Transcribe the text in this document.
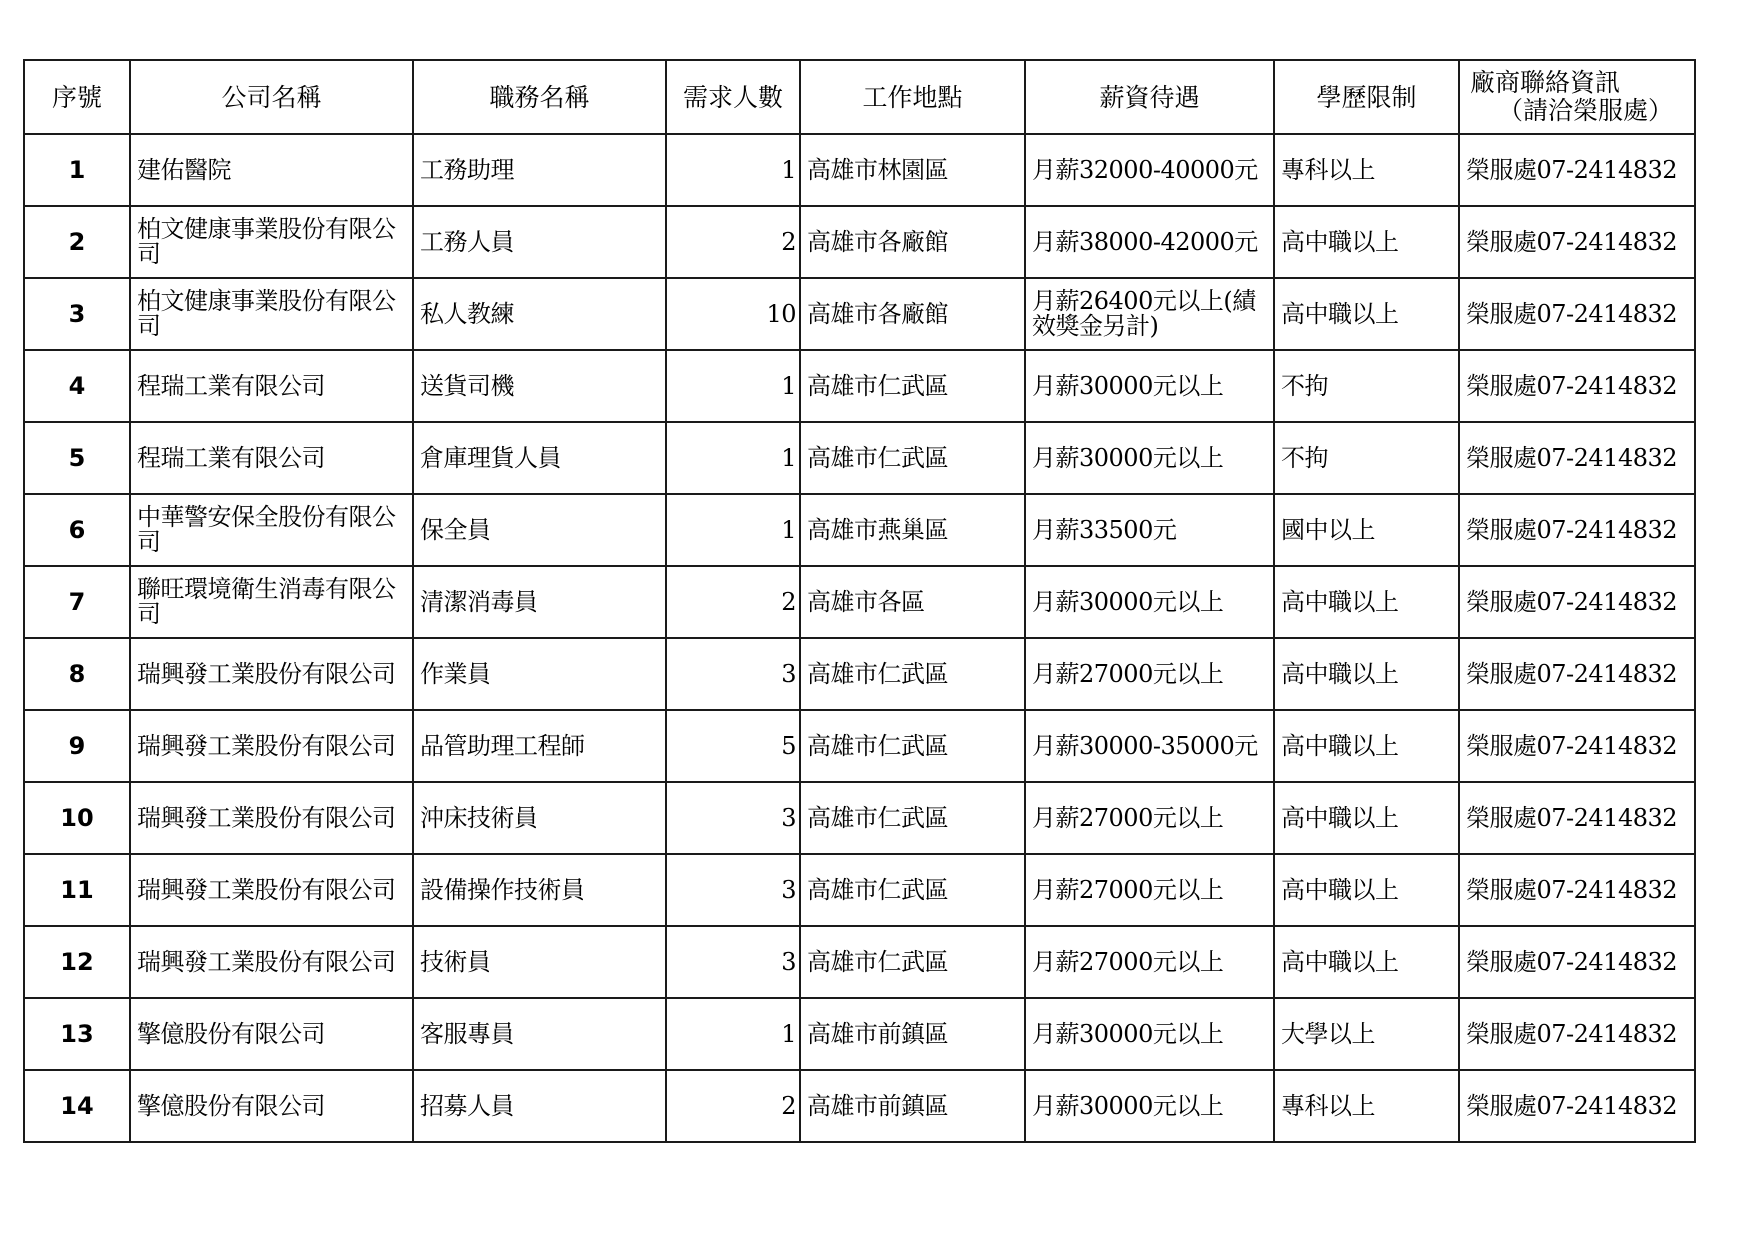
序號	公司名稱	職務名稱	需求人數	工作地點	薪資待遇	學歷限制	廠商聯絡資訊
（請洽榮服處）

1	建佑醫院	工務助理	1	高雄市林園區	月薪32000-40000元	專科以上	榮服處07-2414832
2	柏文健康事業股份有限公司	工務人員	2	高雄市各廠館	月薪38000-42000元	高中職以上	榮服處07-2414832
3	柏文健康事業股份有限公司	私人教練	10	高雄市各廠館	月薪26400元以上(績效獎金另計)	高中職以上	榮服處07-2414832
4	程瑞工業有限公司	送貨司機	1	高雄市仁武區	月薪30000元以上	不拘	榮服處07-2414832
5	程瑞工業有限公司	倉庫理貨人員	1	高雄市仁武區	月薪30000元以上	不拘	榮服處07-2414832
6	中華警安保全股份有限公司	保全員	1	高雄市燕巢區	月薪33500元	國中以上	榮服處07-2414832
7	聯旺環境衛生消毒有限公司	清潔消毒員	2	高雄市各區	月薪30000元以上	高中職以上	榮服處07-2414832
8	瑞興發工業股份有限公司	作業員	3	高雄市仁武區	月薪27000元以上	高中職以上	榮服處07-2414832
9	瑞興發工業股份有限公司	品管助理工程師	5	高雄市仁武區	月薪30000-35000元	高中職以上	榮服處07-2414832
10	瑞興發工業股份有限公司	沖床技術員	3	高雄市仁武區	月薪27000元以上	高中職以上	榮服處07-2414832
11	瑞興發工業股份有限公司	設備操作技術員	3	高雄市仁武區	月薪27000元以上	高中職以上	榮服處07-2414832
12	瑞興發工業股份有限公司	技術員	3	高雄市仁武區	月薪27000元以上	高中職以上	榮服處07-2414832
13	擎億股份有限公司	客服專員	1	高雄市前鎮區	月薪30000元以上	大學以上	榮服處07-2414832
14	擎億股份有限公司	招募人員	2	高雄市前鎮區	月薪30000元以上	專科以上	榮服處07-2414832
